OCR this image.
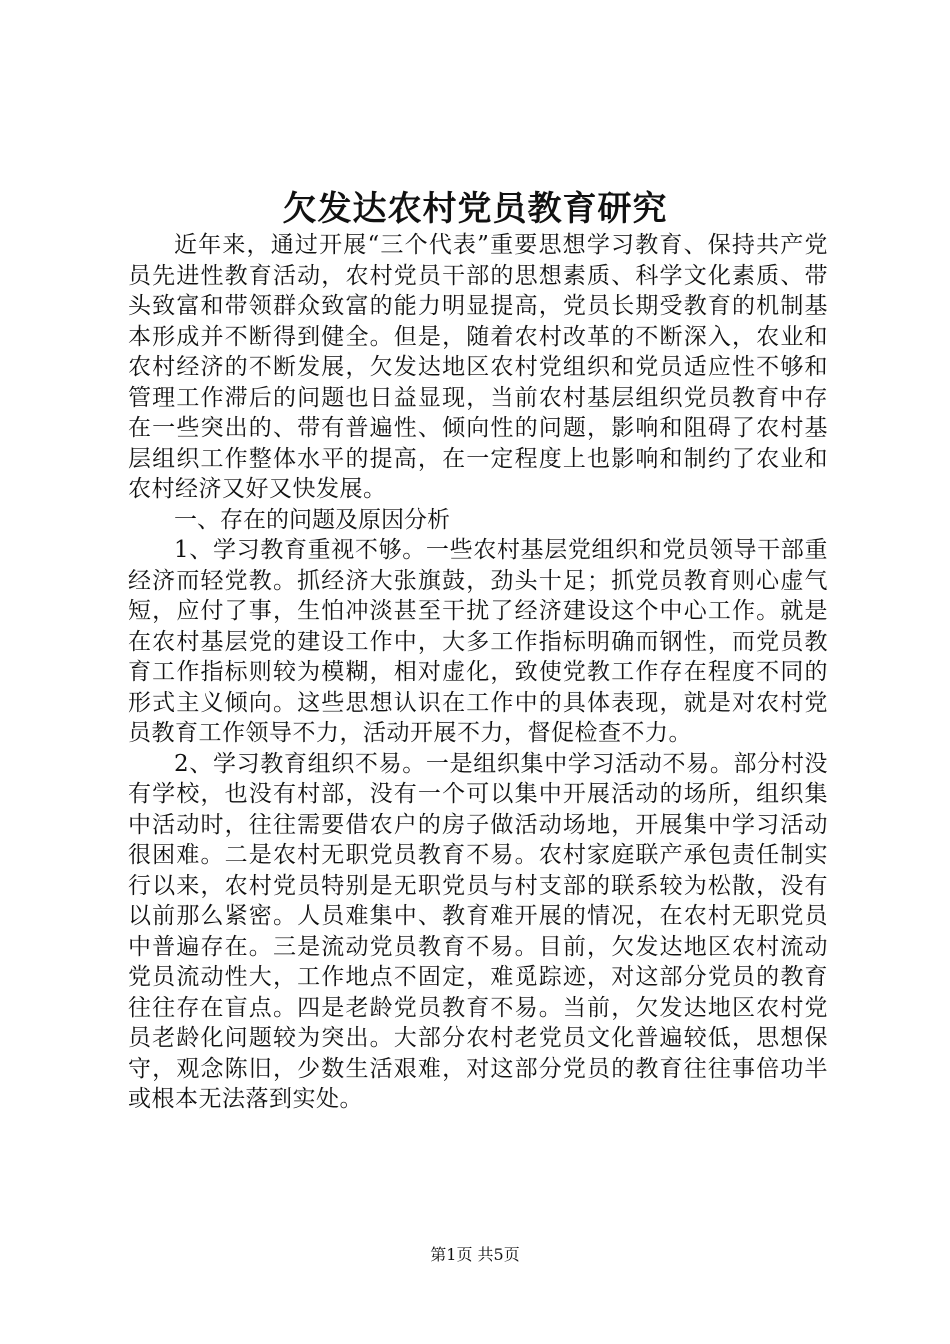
欠发达农村党员教育研究

近年来，通过开展“三个代表”重要思想学习教育、保持共产党员先进性教育活动，农村党员干部的思想素质、科学文化素质、带头致富和带领群众致富的能力明显提高，党员长期受教育的机制基本形成并不断得到健全。但是，随着农村改革的不断深入，农业和农村经济的不断发展，欠发达地区农村党组织和党员适应性不够和管理工作滞后的问题也日益显现，当前农村基层组织党员教育中存在一些突出的、带有普遍性、倾向性的问题，影响和阻碍了农村基层组织工作整体水平的提高，在一定程度上也影响和制约了农业和农村经济又好又快发展。

一、存在的问题及原因分析

1、学习教育重视不够。一些农村基层党组织和党员领导干部重经济而轻党教。抓经济大张旗鼓，劲头十足；抓党员教育则心虚气短，应付了事，生怕冲淡甚至干扰了经济建设这个中心工作。就是在农村基层党的建设工作中，大多工作指标明确而钢性，而党员教育工作指标则较为模糊，相对虚化，致使党教工作存在程度不同的形式主义倾向。这些思想认识在工作中的具体表现，就是对农村党员教育工作领导不力，活动开展不力，督促检查不力。

2、学习教育组织不易。一是组织集中学习活动不易。部分村没有学校，也没有村部，没有一个可以集中开展活动的场所，组织集中活动时，往往需要借农户的房子做活动场地，开展集中学习活动很困难。二是农村无职党员教育不易。农村家庭联产承包责任制实行以来，农村党员特别是无职党员与村支部的联系较为松散，没有以前那么紧密。人员难集中、教育难开展的情况，在农村无职党员中普遍存在。三是流动党员教育不易。目前，欠发达地区农村流动党员流动性大，工作地点不固定，难觅踪迹，对这部分党员的教育往往存在盲点。四是老龄党员教育不易。当前，欠发达地区农村党员老龄化问题较为突出。大部分农村老党员文化普遍较低，思想保守，观念陈旧，少数生活艰难，对这部分党员的教育往往事倍功半或根本无法落到实处。

第1页 共5页
